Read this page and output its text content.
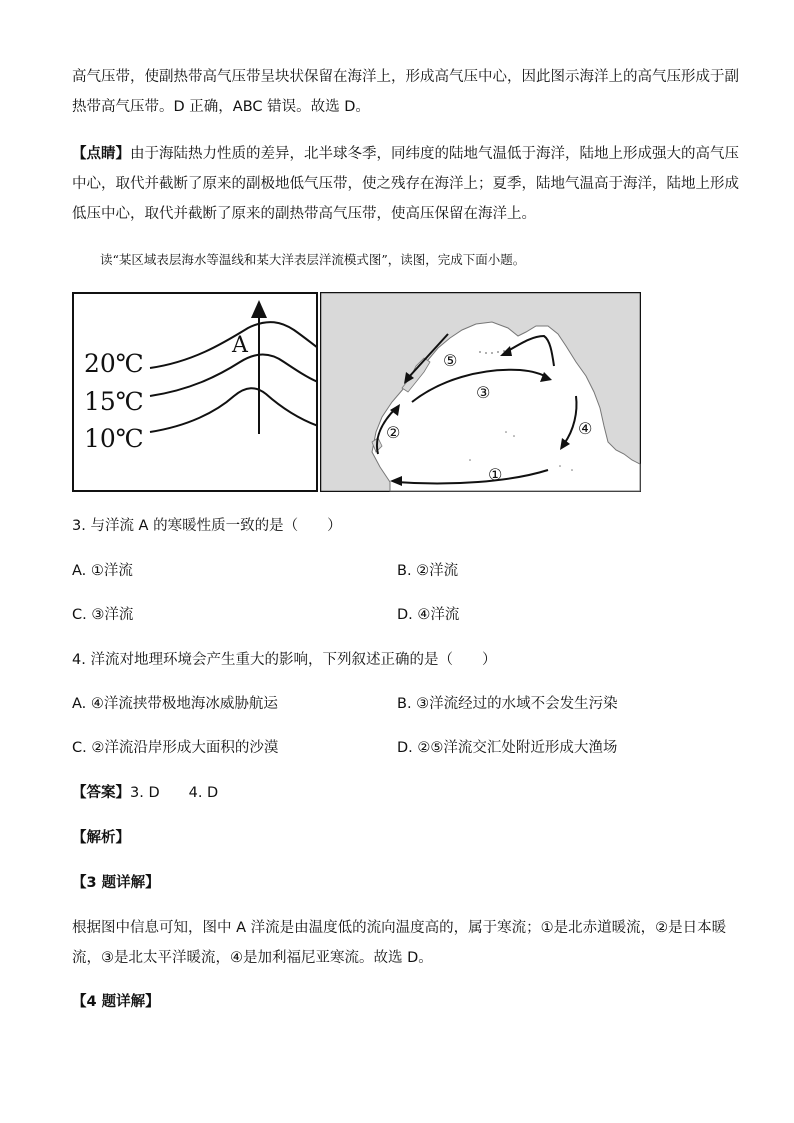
高气压带，使副热带高气压带呈块状保留在海洋上，形成高气压中心，因此图示海洋上的高气压形成于副
热带高气压带。D 正确，ABC 错误。故选 D。
【点睛】由于海陆热力性质的差异，北半球冬季，同纬度的陆地气温低于海洋，陆地上形成强大的高气压
中心，取代并截断了原来的副极地低气压带，使之残存在海洋上；夏季，陆地气温高于海洋，陆地上形成
低压中心，取代并截断了原来的副热带高气压带，使高压保留在海洋上。
读“某区域表层海水等温线和某大洋表层洋流模式图”，读图，完成下面小题。
20℃
15℃
10℃
A
⑤
③
②	④
①
3. 与洋流 A 的寒暖性质一致的是（　　）
A. ①洋流	B. ②洋流
C. ③洋流	D. ④洋流
4. 洋流对地理环境会产生重大的影响，下列叙述正确的是（　　）
A. ④洋流挟带极地海冰威胁航运	B. ③洋流经过的水域不会发生污染
C. ②洋流沿岸形成大面积的沙漠	D. ②⑤洋流交汇处附近形成大渔场
【答案】3. D　　4. D
【解析】
【3 题详解】
根据图中信息可知，图中 A 洋流是由温度低的流向温度高的，属于寒流；①是北赤道暖流，②是日本暖
流，③是北太平洋暖流，④是加利福尼亚寒流。故选 D。
【4 题详解】
